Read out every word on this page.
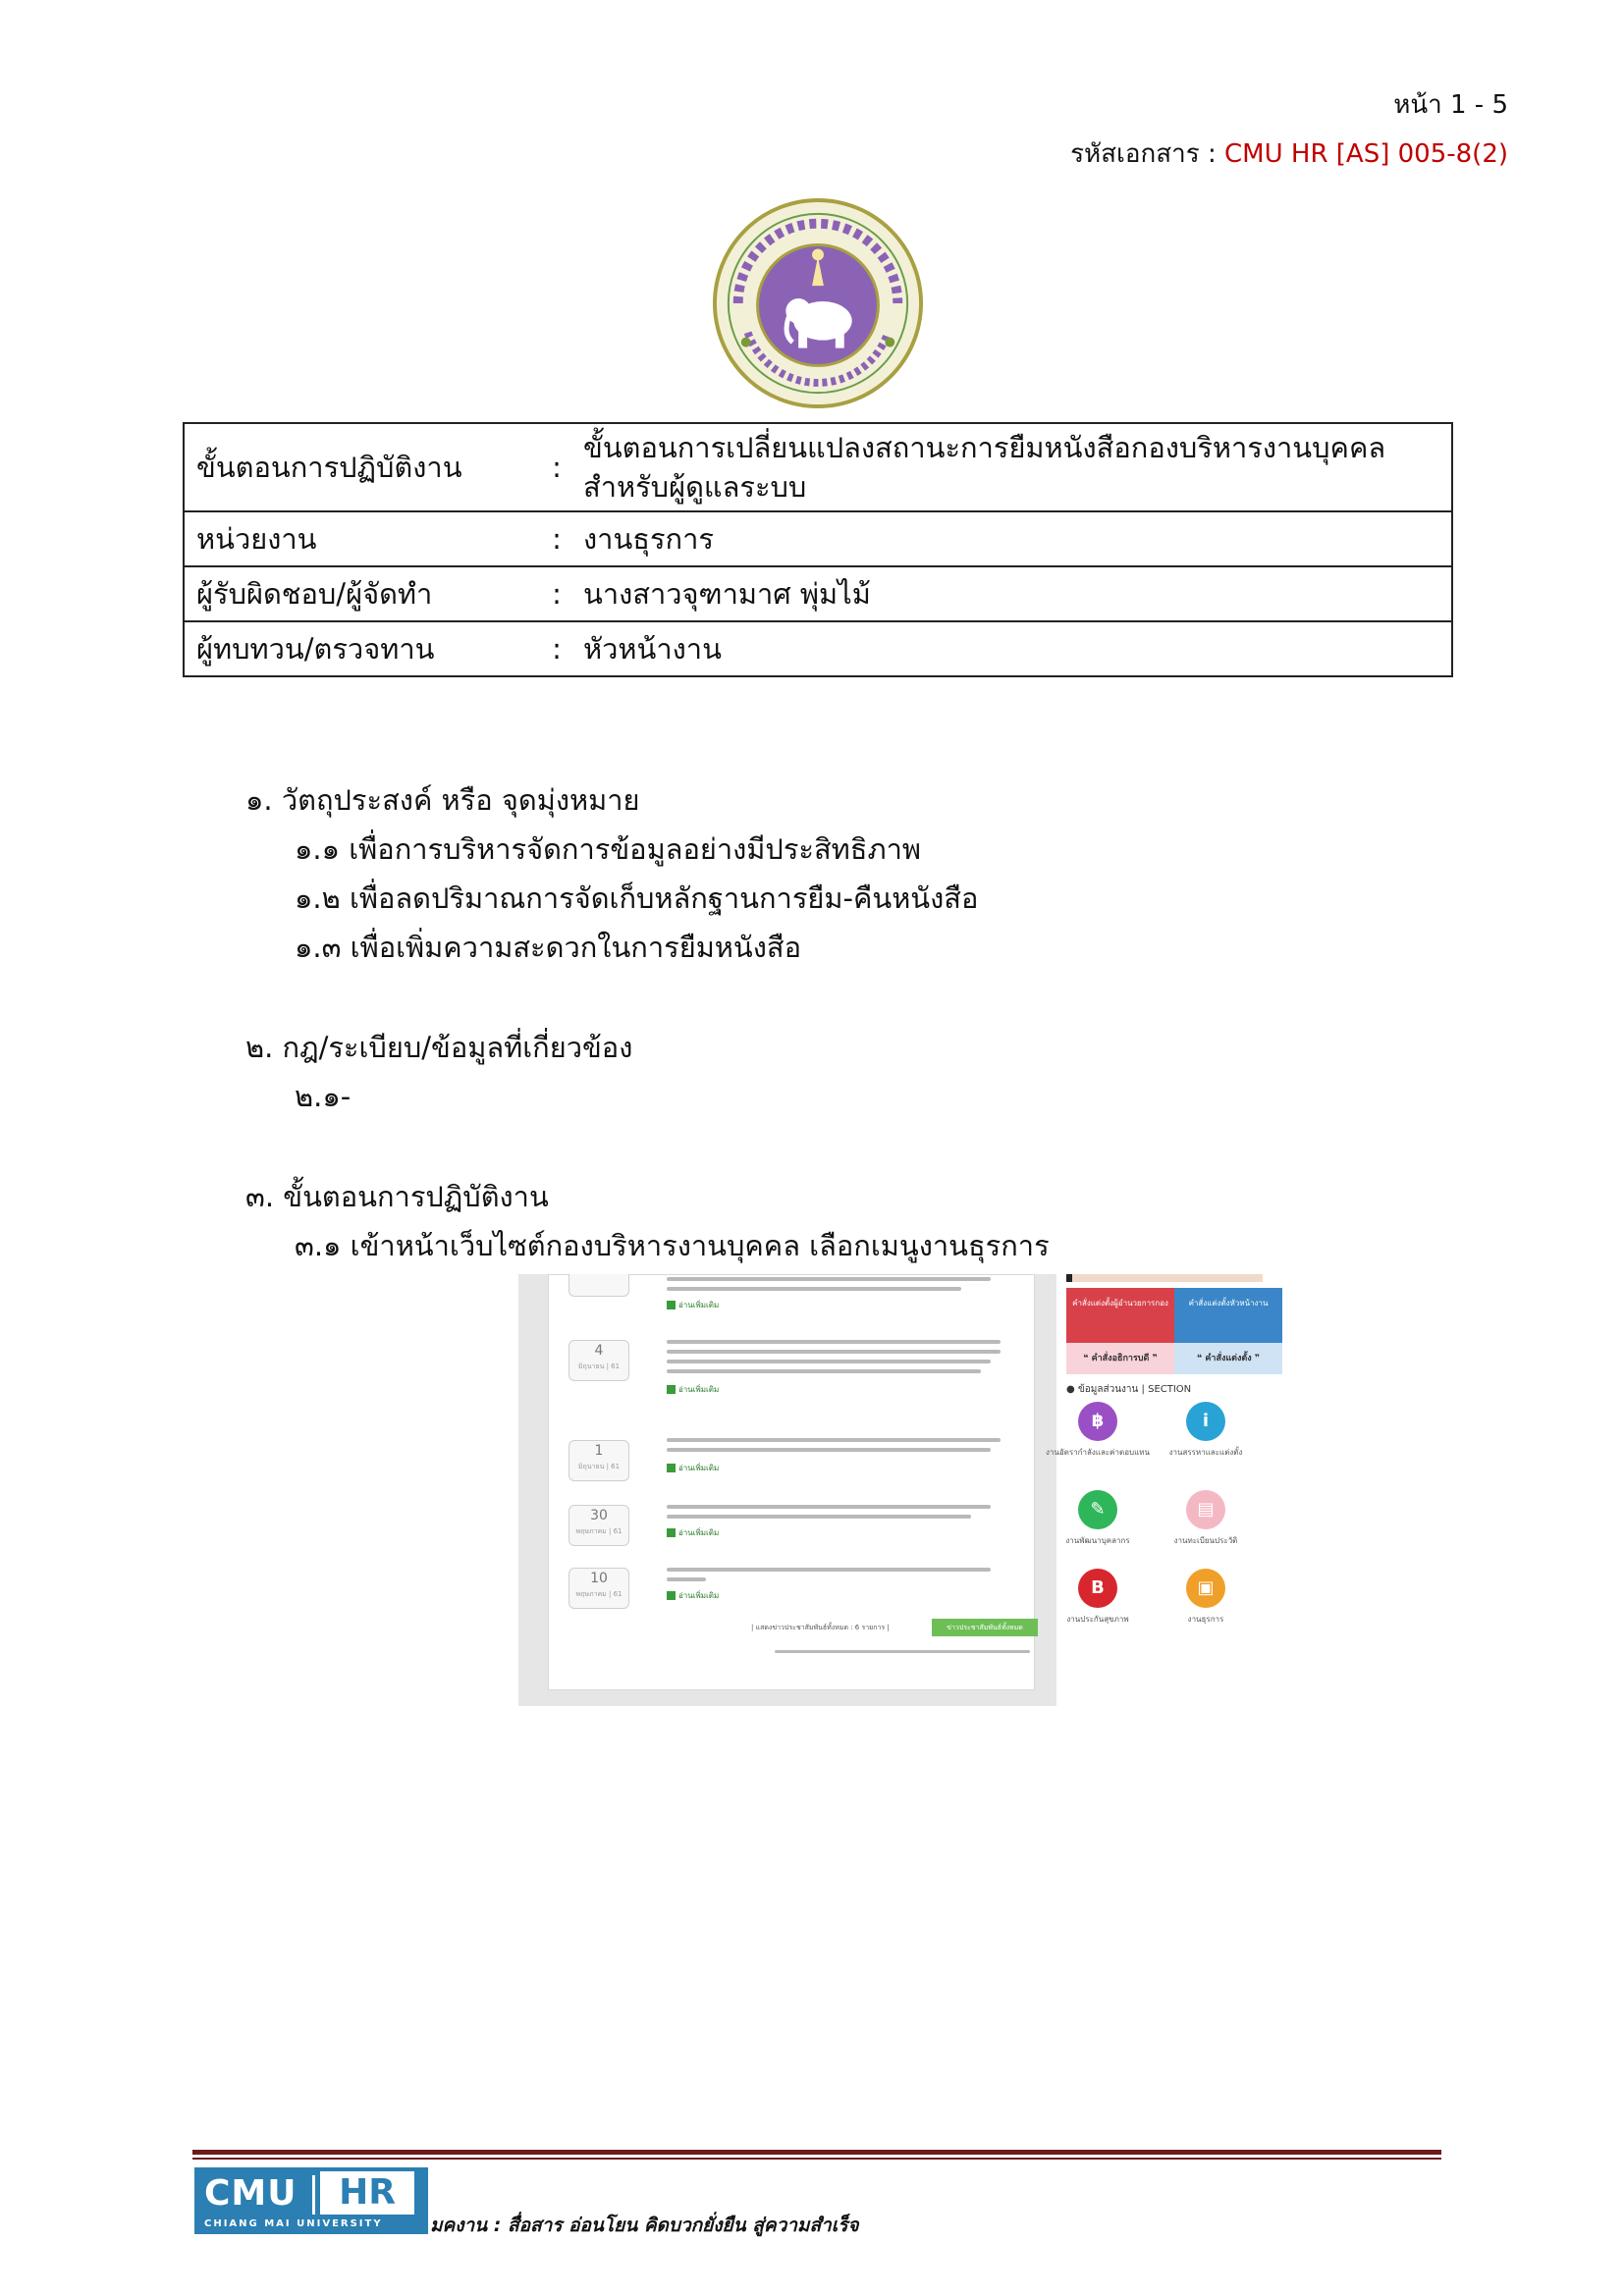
หน้า 1 - 5
รหัสเอกสาร : CMU HR [AS] 005-8(2)
ขั้นตอนการปฏิบัติงาน	:	ขั้นตอนการเปลี่ยนแปลงสถานะการยืมหนังสือกองบริหารงานบุคคล
สำหรับผู้ดูแลระบบ

หน่วยงาน	:	งานธุรการ
ผู้รับผิดชอบ/ผู้จัดทำ	:	นางสาวจุฑามาศ พุ่มไม้
ผู้ทบทวน/ตรวจทาน	:	หัวหน้างาน
๑. วัตถุประสงค์ หรือ จุดมุ่งหมาย
๑.๑ เพื่อการบริหารจัดการข้อมูลอย่างมีประสิทธิภาพ
๑.๒ เพื่อลดปริมาณการจัดเก็บหลักฐานการยืม-คืนหนังสือ
๑.๓ เพื่อเพิ่มความสะดวกในการยืมหนังสือ
๒. กฎ/ระเบียบ/ข้อมูลที่เกี่ยวข้อง
๒.๑-
๓. ขั้นตอนการปฏิบัติงาน
๓.๑ เข้าหน้าเว็บไซต์กองบริหารงานบุคคล เลือกเมนูงานธุรการ
อ่านเพิ่มเติม
4
มิถุนายน | 61
อ่านเพิ่มเติม
1
มิถุนายน | 61	อ่านเพิ่มเติม
30
พฤษภาคม | 61	อ่านเพิ่มเติม
10
พฤษภาคม | 61	อ่านเพิ่มเติม
| แสดงข่าวประชาสัมพันธ์ทั้งหมด : 6 รายการ |	ข่าวประชาสัมพันธ์ทั้งหมด
คำสั่งแต่งตั้งผู้อำนวยการกอง	คำสั่งแต่งตั้งหัวหน้างาน
❝ คำสั่งอธิการบดี ❞	❝ คำสั่งแต่งตั้ง ❞
● ข้อมูลส่วนงาน | SECTION
฿
งานอัตรากำลังและค่าตอบแทน
i
งานสรรหาและแต่งตั้ง
✎
งานพัฒนาบุคลากร
▤
งานทะเบียนประวัติ
B
งานประกันสุขภาพ
▣
งานธุรการ
CMU	HR
CHIANG MAI UNIVERSITY	มคงาน : สื่อสาร อ่อนโยน คิดบวกยั่งยืน สู่ความสำเร็จ
